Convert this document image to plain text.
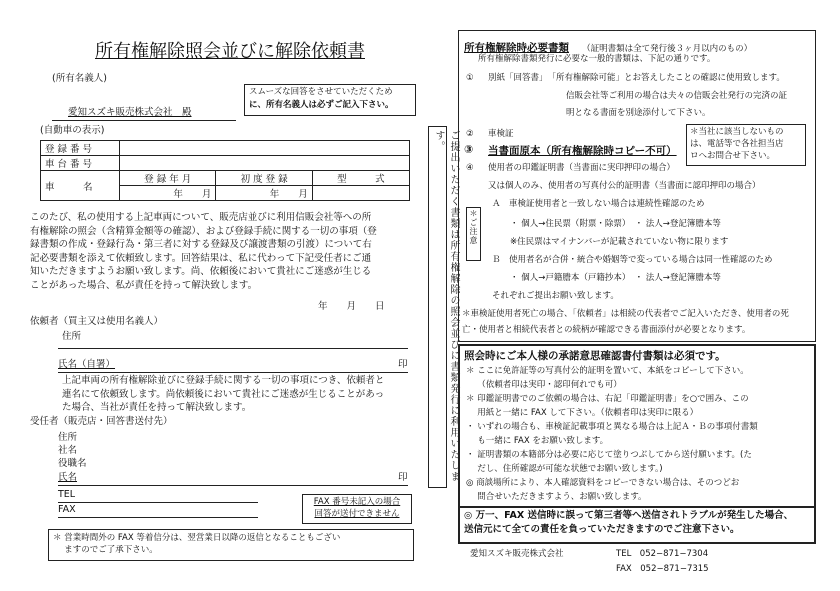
所有権解除照会並びに解除依頼書
(所有名義人)
スムーズな回答をさせていただくため
に、所有名義人は必ずご記入下さい。
愛知スズキ販売株式会社　殿
(自動車の表示)
登 録 番 号			
車 台 番 号			
車　　　名	登 録 年 月	初 度 登 録	型　　　式
	年　　月	年　　月	
このたび、私の使用する上記車両について、販売店並びに利用信販会社等への所
有権解除の照会（含精算金額等の確認）、および登録手続に関する一切の事項（登
録書類の作成・登録行為・第三者に対する登録及び譲渡書類の引渡）について右
記必要書類を添えて依頼致します。回答結果は、私に代わって下記受任者にご通
知いただきますようお願い致します。尚、依頼後において貴社にご迷惑が生じる
ことがあった場合、私が責任を持って解決致します。
年　　月　　日
依頼者（買主又は使用名義人）
住所
氏名（自署）	印
上記車両の所有権解除並びに登録手続に関する一切の事項につき、依頼者と
連名にて依頼致します。尚依頼後において貴社にご迷惑が生じることがあっ
た場合、当社が責任を持って解決致します。
受任者（販売店・回答書送付先）
住所
社名
役職名
氏名	印
TEL
FAX
FAX 番号未記入の場合
回答が送付できません
＊ 営業時間外の FAX 等着信分は、翌営業日以降の返信となることもござい
　 ますのでご了承下さい。
ご提出いただく書類は所有権解除の照会並びに書類発行に利用いたします。
所有権解除時必要書類 （証明書類は全て発行後３ヶ月以内のもの）
所有権解除書類発行に必要な一般的書類は、下記の通りです。
① 別紙「回答書」　「所有権解除可能」とお答えしたことの確認に使用致します。
信販会社等ご利用の場合は夫々の信販会社発行の完済の証
明となる書面を別途添付して下さい。
② 車検証	＊当社に該当しないもの
は、電話等で各社担当店
ロへお問合せ下さい。
③ 当書面原本（所有権解除時コピー不可）
④ 使用者の印鑑証明書（当書面に実印押印の場合）
又は個人のみ、使用者の写真付公的証明書（当書面に認印押印の場合）
＊ご注意
Ａ　車検証使用者と一致しない場合は連続性確認のため
・ 個人→住民票（附票・除票）　・ 法人→登記簿謄本等
※住民票はマイナンバーが記載されていない物に限ります
Ｂ　使用者名が合併・統合や婚姻等で変っている場合は同一性確認のため
・ 個人→戸籍謄本（戸籍抄本）　・ 法人→登記簿謄本等
それぞれご提出お願い致します。
＊車検証使用者死亡の場合、「依頼者」は相続の代表者でご記入いただき、使用者の死
亡・使用者と相続代表者との続柄が確認できる書面添付が必要となります。
照会時にご本人様の承諾意思確認書付書類は必須です。
＊ ここに免許証等の写真付公的証明を置いて、本紙をコピーして下さい。
　 （依頼者印は実印・認印何れでも可）
＊ 印鑑証明書でのご依頼の場合は、右記「印鑑証明書」を○で囲み、この
　 用紙と一緒に FAX して下さい。（依頼者印は実印に限る）
・ いずれの場合も、車検証記載事項と異なる場合は上記Ａ・Ｂの事項付書類
　 も一緒に FAX をお願い致します。
・ 証明書類の本籍部分は必要に応じて塗りつぶしてから送付願います。(た
　 だし、住所確認が可能な状態でお願い致します。)
◎ 商談場所により、本人確認資料をコピーできない場合は、そのつどお
　 問合せいただきますよう、お願い致します。
◎ 万一、FAX 送信時に誤って第三者等へ送信されトラブルが発生した場合、
送信元にて全ての責任を負っていただきますのでご注意下さい。
愛知スズキ販売株式会社	TEL　052−871−7304
FAX　052−871−7315
